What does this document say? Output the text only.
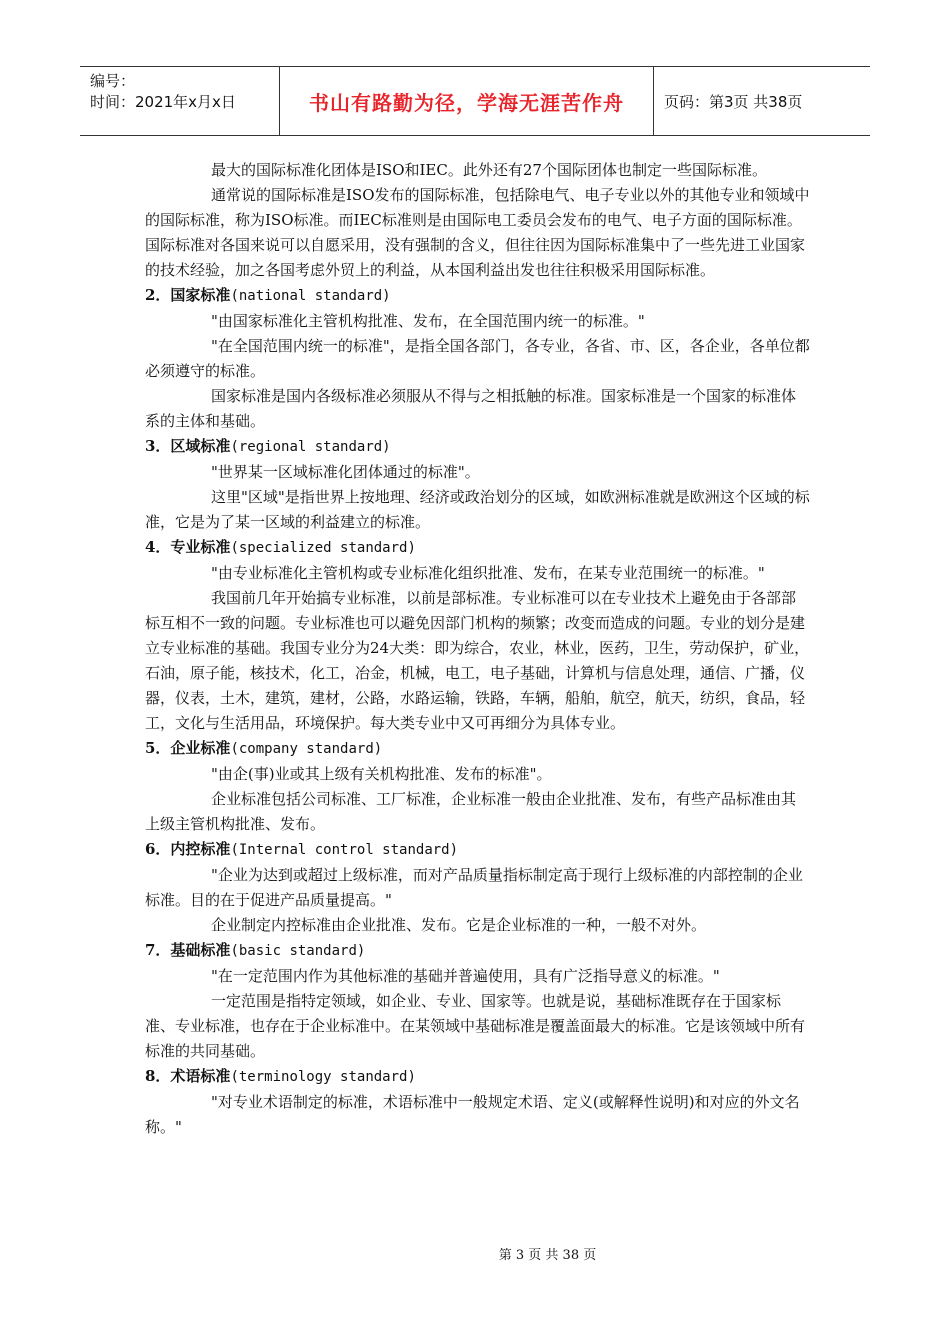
编号：
时间：2021年x月x日	书山有路勤为径，学海无涯苦作舟	页码：第3页 共38页

最大的国际标准化团体是ISO和IEC。此外还有27个国际团体也制定一些国际标准。

通常说的国际标准是ISO发布的国际标准，包括除电气、电子专业以外的其他专业和领域中的国际标准，称为ISO标准。而IEC标准则是由国际电工委员会发布的电气、电子方面的国际标准。 国际标准对各国来说可以自愿采用，没有强制的含义，但往往因为国际标准集中了一些先进工业国家的技术经验，加之各国考虑外贸上的利益，从本国利益出发也往往积极采用国际标准。

2．国家标准(national standard)

"由国家标准化主管机构批准、发布，在全国范围内统一的标准。"

"在全国范围内统一的标准"，是指全国各部门，各专业，各省、市、区，各企业，各单位都必须遵守的标准。

国家标准是国内各级标准必须服从不得与之相抵触的标准。国家标准是一个国家的标准体系的主体和基础。

3．区域标准(regional standard)

"世界某一区域标准化团体通过的标准"。

这里"区域"是指世界上按地理、经济或政治划分的区域，如欧洲标准就是欧洲这个区域的标准，它是为了某一区域的利益建立的标准。

4．专业标准(specialized standard)

"由专业标准化主管机构或专业标准化组织批准、发布，在某专业范围统一的标准。"

我国前几年开始搞专业标准，以前是部标准。专业标准可以在专业技术上避免由于各部部标互相不一致的问题。专业标准也可以避免因部门机构的频繁；改变而造成的问题。专业的划分是建立专业标准的基础。我国专业分为24大类：即为综合，农业，林业，医药，卫生，劳动保护，矿业，石油，原子能，核技术，化工，冶金，机械，电工，电子基础，计算机与信息处理，通信、广播，仪器，仪表，土木，建筑，建材，公路，水路运输，铁路，车辆，船舶，航空，航天，纺织，食品，轻工，文化与生活用品，环境保护。每大类专业中又可再细分为具体专业。

5．企业标准(company standard)

"由企(事)业或其上级有关机构批准、发布的标准"。

企业标准包括公司标准、工厂标准，企业标准一般由企业批准、发布，有些产品标准由其上级主管机构批准、发布。

6．内控标准(Internal control standard)

"企业为达到或超过上级标准，而对产品质量指标制定高于现行上级标准的内部控制的企业标准。目的在于促进产品质量提高。"

企业制定内控标准由企业批准、发布。它是企业标准的一种，一般不对外。

7．基础标准(basic standard)

"在一定范围内作为其他标准的基础并普遍使用，具有广泛指导意义的标准。"

一定范围是指特定领域，如企业、专业、国家等。也就是说，基础标准既存在于国家标准、专业标准，也存在于企业标准中。在某领域中基础标准是覆盖面最大的标准。它是该领域中所有标准的共同基础。

8．术语标准(terminology standard)

"对专业术语制定的标准，术语标准中一般规定术语、定义(或解释性说明)和对应的外文名称。"

第 3 页 共 38 页
